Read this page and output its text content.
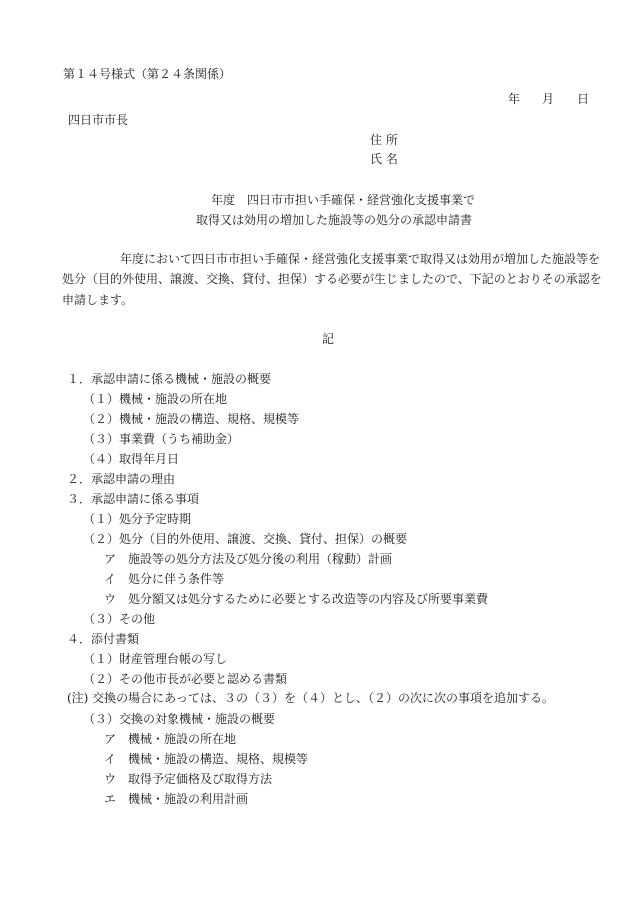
第１４号様式（第２４条関係）
年 月 日
四日市市長
住 所
氏 名
年度　四日市市担い手確保・経営強化支援事業で
取得又は効用の増加した施設等の処分の承認申請書
年度において四日市市担い手確保・経営強化支援事業で取得又は効用が増加した施設等を
処分（目的外使用、譲渡、交換、貸付、担保）する必要が生じましたので、下記のとおりその承認を
申請します。
記
１．承認申請に係る機械・施設の概要
（１）機械・施設の所在地
（２）機械・施設の構造、規格、規模等
（３）事業費（うち補助金）
（４）取得年月日
２．承認申請の理由
３．承認申請に係る事項
（１）処分予定時期
（２）処分（目的外使用、譲渡、交換、貸付、担保）の概要
ア　施設等の処分方法及び処分後の利用（稼動）計画
イ　処分に伴う条件等
ウ　処分額又は処分するために必要とする改造等の内容及び所要事業費
（３）その他
４．添付書類
（１）財産管理台帳の写し
（２）その他市長が必要と認める書類
(注) 交換の場合にあっては、３の（３）を（４）とし、（２）の次に次の事項を追加する。
（３）交換の対象機械・施設の概要
ア　機械・施設の所在地
イ　機械・施設の構造、規格、規模等
ウ　取得予定価格及び取得方法
エ　機械・施設の利用計画
